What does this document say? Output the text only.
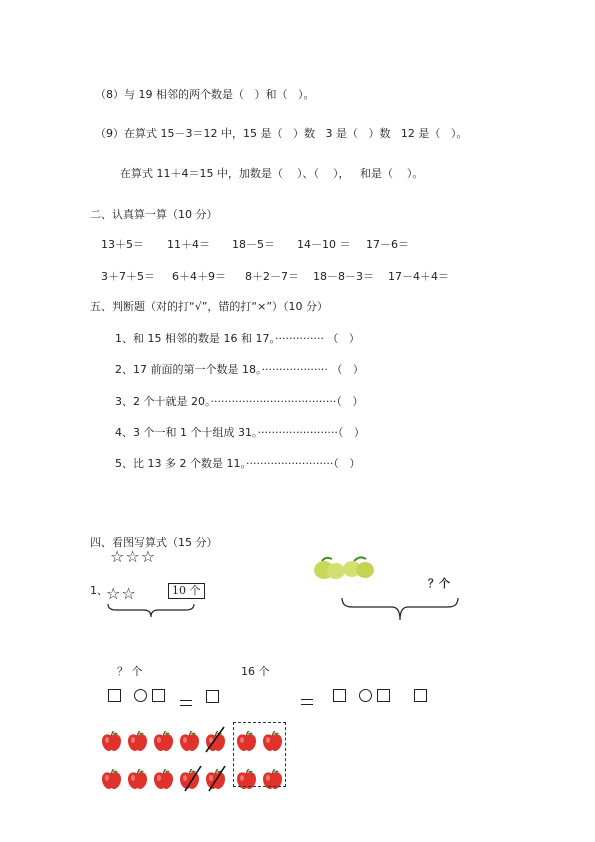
（8）与 19 相邻的两个数是（   ）和（   ）。
（9）在算式 15－3＝12 中，15 是（   ）数   3 是（   ）数   12 是（   ）。
在算式 11＋4＝15 中，加数是（    ）、（    ），   和是（    ）。
二、认真算一算（10 分）
13＋5＝ 11＋4＝ 18－5＝ 14－10 ＝ 17－6＝
3＋7＋5＝ 6＋4＋9＝ 8＋2－7＝ 18－8－3＝ 17－4＋4＝
五、判断题（对的打“√”，错的打“×”）（10 分）
1、和 15 相邻的数是 16 和 17。·············· （   ）
2、17 前面的第一个数是 18。··················· （   ）
3、2 个十就是 20。····································（   ）
4、3 个一和 1 个十组成 31。·······················（   ）
5、比 13 多 2 个数是 11。·························（   ）
四、看图写算式（15 分）
☆☆☆
1、
☆☆	10 个
？个
？ 个	16 个
